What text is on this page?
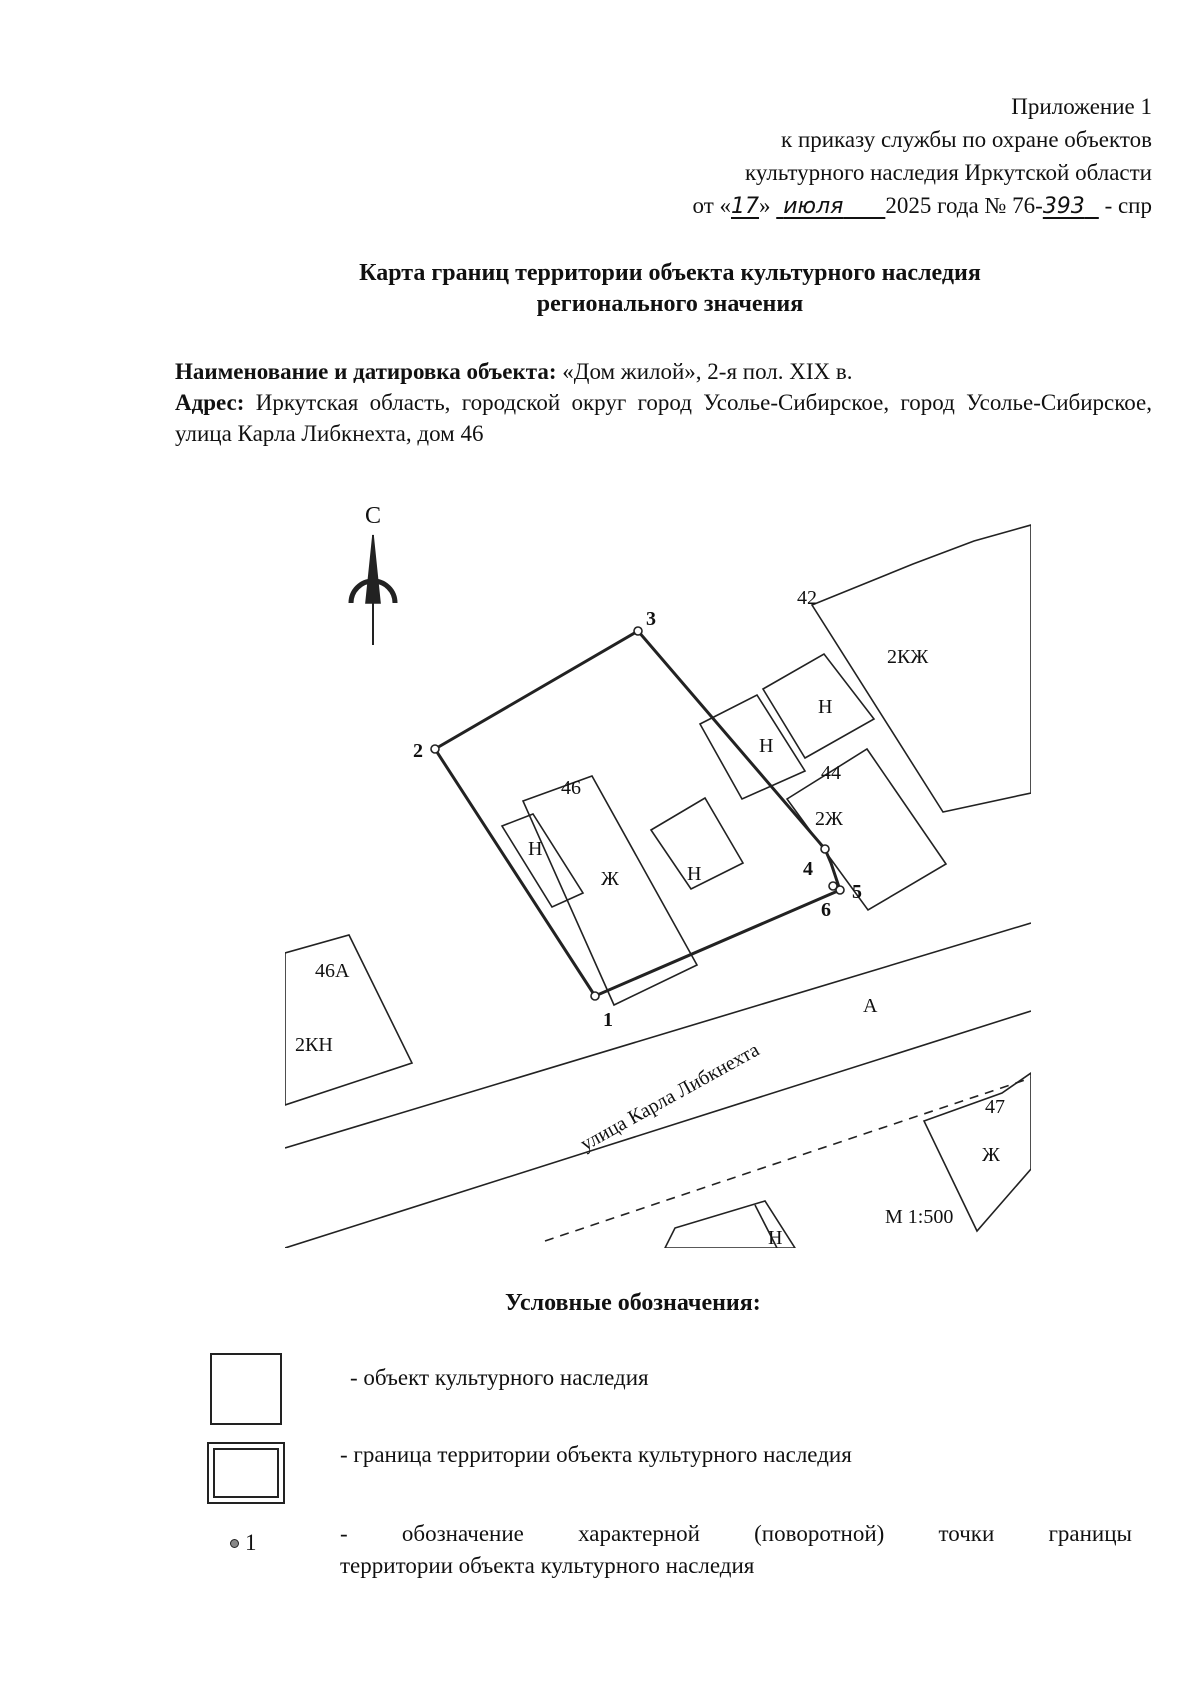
Приложение 1
к приказу службы по охране объектов
культурного наследия Иркутской области
от «17» июля 2025 года № 76-393 - спр
Карта границ территории объекта культурного наследия
регионального значения
Наименование и датировка объекта: «Дом жилой», 2-я пол. XIX в.
Адрес: Иркутская область, городской округ город Усолье-Сибирское, город Усолье-Сибирское, улица Карла Либкнехта, дом 46
1
2
3
4
5
6
С
42
2КЖ
44
2Ж
Н
Н
46
Ж
Н
Н
46А
2КН
47
Ж
Н
М 1:500
А
улица Карла Либкнехта
Условные обозначения:
- объект культурного наследия
- граница территории объекта культурного наследия
1	- обозначение характерной (поворотной) точки границы
территории объекта культурного наследия
